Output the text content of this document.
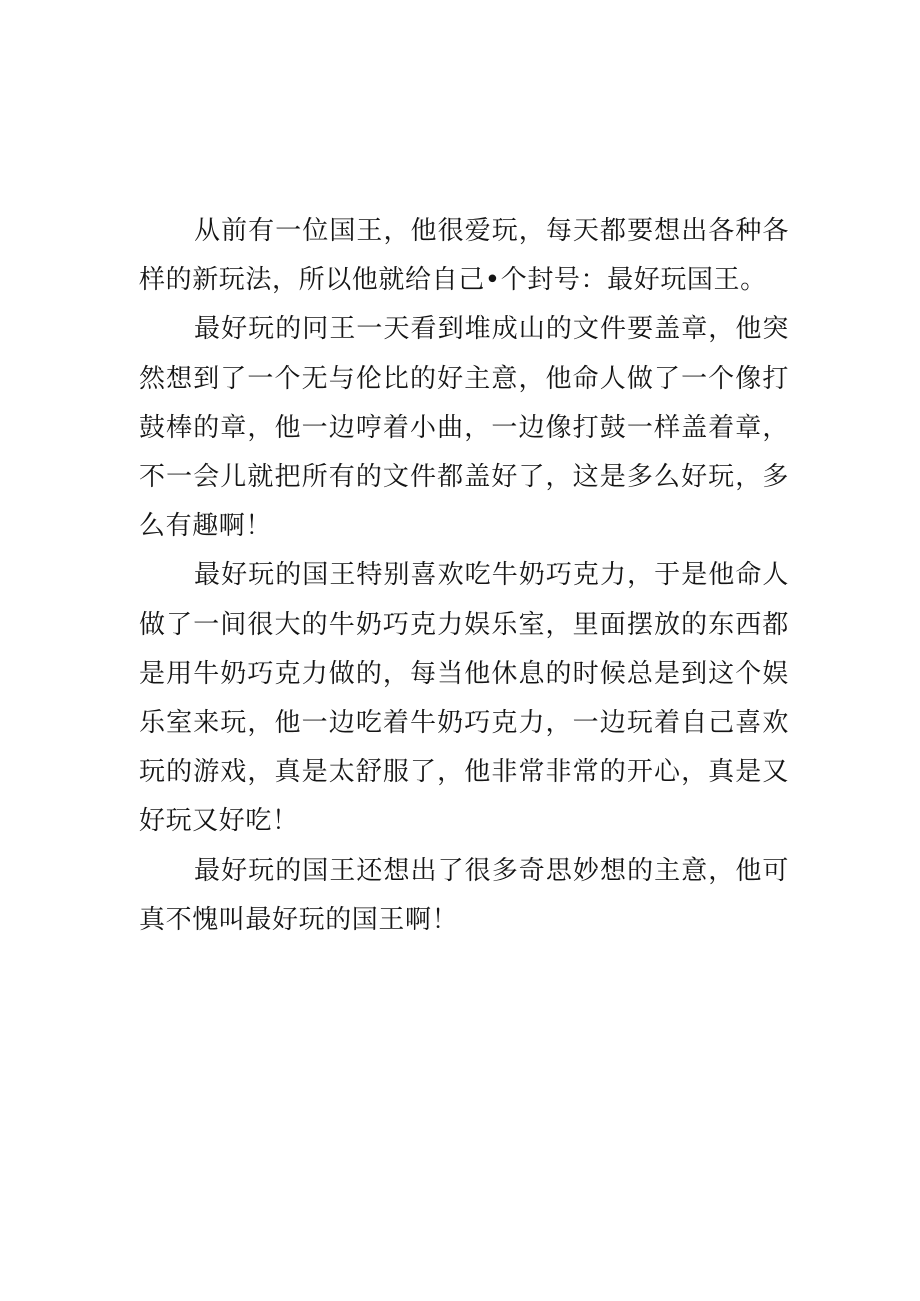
从前有一位国王，他很爱玩，每天都要想出各种各样的新玩法，所以他就给自己•个封号：最好玩国王。

最好玩的冋王一天看到堆成山的文件要盖章，他突然想到了一个无与伦比的好主意，他命人做了一个像打鼓棒的章，他一边哼着小曲，一边像打鼓一样盖着章，不一会儿就把所有的文件都盖好了，这是多么好玩，多么有趣啊！

最好玩的国王特别喜欢吃牛奶巧克力，于是他命人做了一间很大的牛奶巧克力娱乐室，里面摆放的东西都是用牛奶巧克力做的，每当他休息的时候总是到这个娱乐室来玩，他一边吃着牛奶巧克力，一边玩着自己喜欢玩的游戏，真是太舒服了，他非常非常的开心，真是又好玩又好吃！

最好玩的国王还想出了很多奇思妙想的主意，他可真不愧叫最好玩的国王啊！
